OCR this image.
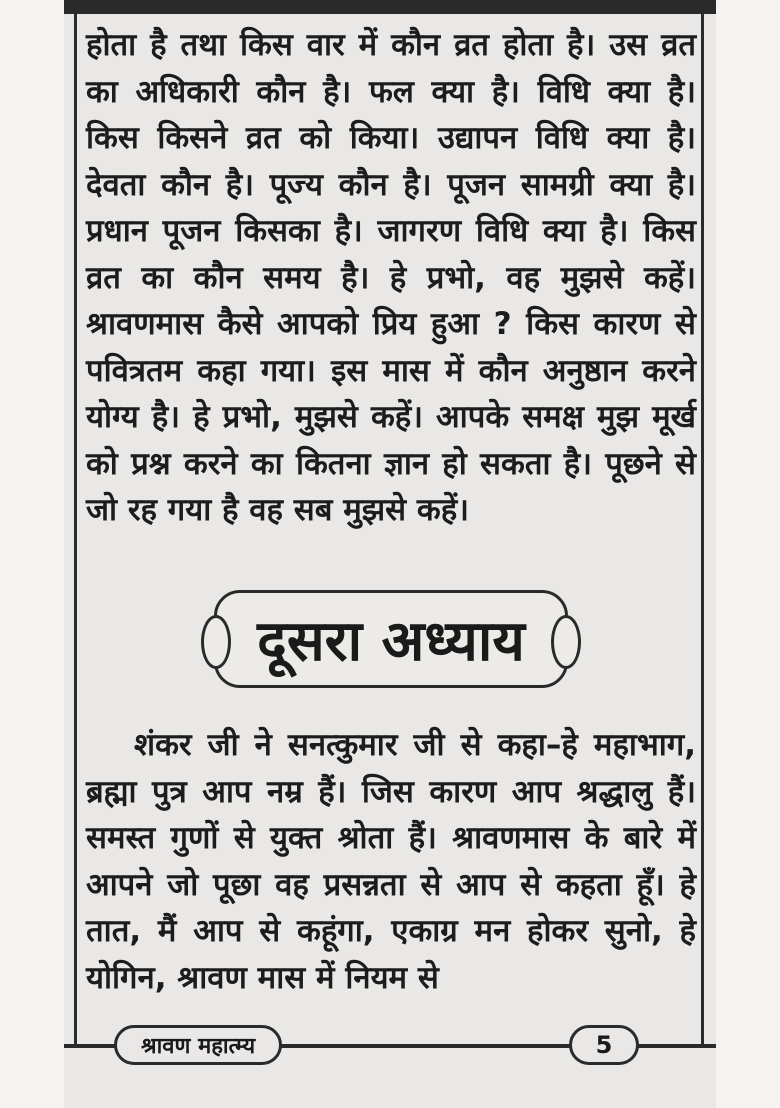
होता है तथा किस वार में कौन व्रत होता है। उस व्रत का अधिकारी कौन है। फल क्या है। विधि क्या है। किस किसने व्रत को किया। उद्यापन विधि क्या है। देवता कौन है। पूज्य कौन है। पूजन सामग्री क्या है। प्रधान पूजन किसका है। जागरण विधि क्या है। किस व्रत का कौन समय है। हे प्रभो, वह मुझसे कहें। श्रावणमास कैसे आपको प्रिय हुआ ? किस कारण से पवित्रतम कहा गया। इस मास में कौन अनुष्ठान करने योग्य है। हे प्रभो, मुझसे कहें। आपके समक्ष मुझ मूर्ख को प्रश्न करने का कितना ज्ञान हो सकता है। पूछने से जो रह गया है वह सब मुझसे कहें।

दूसरा अध्याय

शंकर जी ने सनत्कुमार जी से कहा–हे महाभाग, ब्रह्मा पुत्र आप नम्र हैं। जिस कारण आप श्रद्धालु हैं। समस्त गुणों से युक्त श्रोता हैं। श्रावणमास के बारे में आपने जो पूछा वह प्रसन्नता से आप से कहता हूँ। हे तात, मैं आप से कहूंगा, एकाग्र मन होकर सुनो, हे योगिन, श्रावण मास में नियम से

श्रावण महात्म्य	5
